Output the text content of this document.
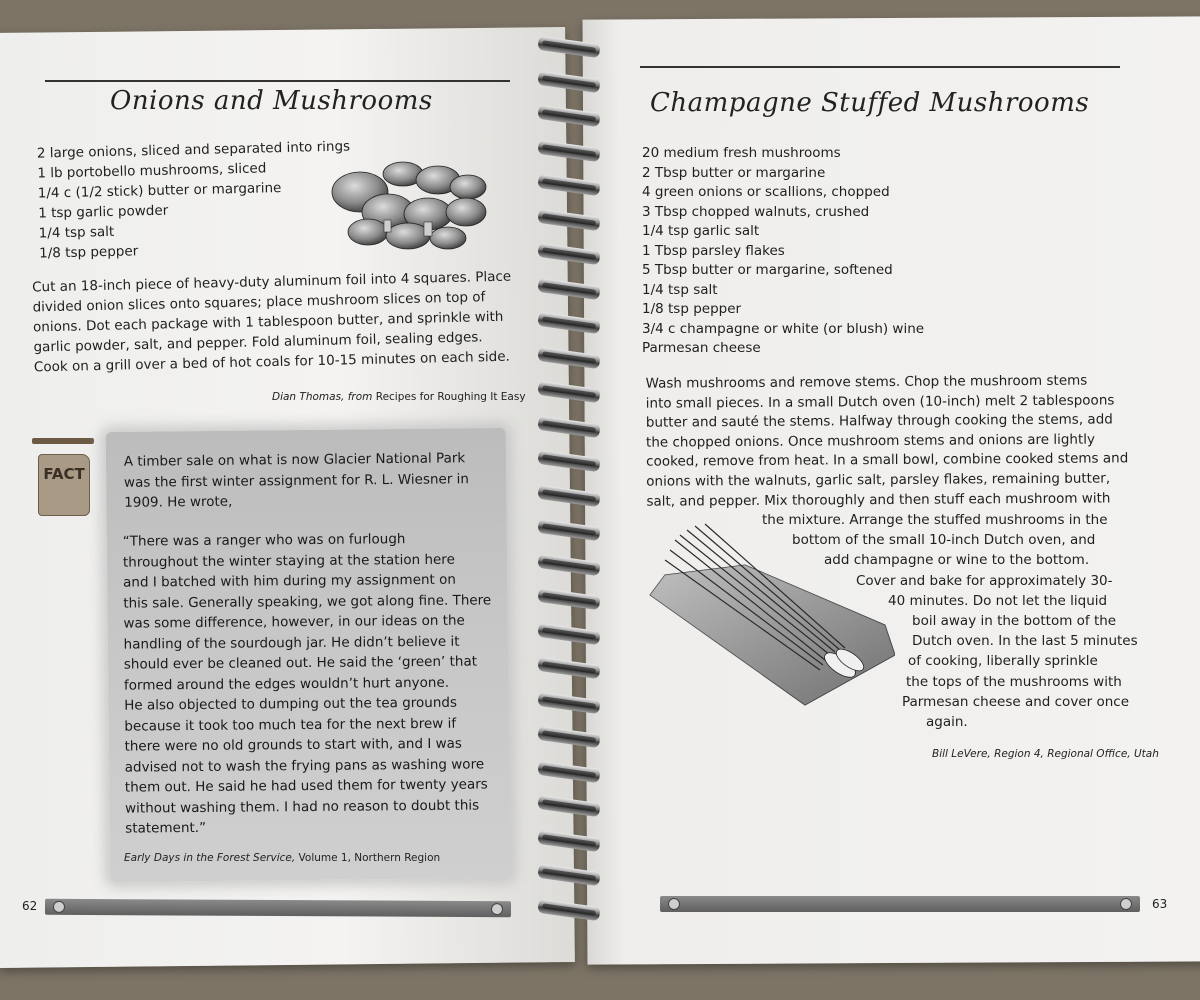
Onions and Mushrooms
2 large onions, sliced and separated into rings
1 lb portobello mushrooms, sliced
1/4 c (1/2 stick) butter or margarine
1 tsp garlic powder
1/4 tsp salt
1/8 tsp pepper
Cut an 18-inch piece of heavy-duty aluminum foil into 4 squares. Place
divided onion slices onto squares; place mushroom slices on top of
onions. Dot each package with 1 tablespoon butter, and sprinkle with
garlic powder, salt, and pepper. Fold aluminum foil, sealing edges.
Cook on a grill over a bed of hot coals for 10-15 minutes on each side.
Dian Thomas, from Recipes for Roughing It Easy
FACT
A timber sale on what is now Glacier National Park
was the first winter assignment for R. L. Wiesner in
1909. He wrote,
“There was a ranger who was on furlough
throughout the winter staying at the station here
and I batched with him during my assignment on
this sale. Generally speaking, we got along fine. There
was some difference, however, in our ideas on the
handling of the sourdough jar. He didn’t believe it
should ever be cleaned out. He said the ‘green’ that
formed around the edges wouldn’t hurt anyone.
He also objected to dumping out the tea grounds
because it took too much tea for the next brew if
there were no old grounds to start with, and I was
advised not to wash the frying pans as washing wore
them out. He said he had used them for twenty years
without washing them. I had no reason to doubt this
statement.”
Early Days in the Forest Service, Volume 1, Northern Region
62
Champagne Stuffed Mushrooms
20 medium fresh mushrooms
2 Tbsp butter or margarine
4 green onions or scallions, chopped
3 Tbsp chopped walnuts, crushed
1/4 tsp garlic salt
1 Tbsp parsley flakes
5 Tbsp butter or margarine, softened
1/4 tsp salt
1/8 tsp pepper
3/4 c champagne or white (or blush) wine
Parmesan cheese
Wash mushrooms and remove stems. Chop the mushroom stems
into small pieces. In a small Dutch oven (10-inch) melt 2 tablespoons
butter and sauté the stems. Halfway through cooking the stems, add
the chopped onions. Once mushroom stems and onions are lightly
cooked, remove from heat. In a small bowl, combine cooked stems and
onions with the walnuts, garlic salt, parsley flakes, remaining butter,
salt, and pepper. Mix thoroughly and then stuff each mushroom with
the mixture. Arrange the stuffed mushrooms in the
bottom of the small 10-inch Dutch oven, and
add champagne or wine to the bottom.
Cover and bake for approximately 30-
40 minutes. Do not let the liquid
boil away in the bottom of the
Dutch oven. In the last 5 minutes
of cooking, liberally sprinkle
the tops of the mushrooms with
Parmesan cheese and cover once
again.
Bill LeVere, Region 4, Regional Office, Utah
63
